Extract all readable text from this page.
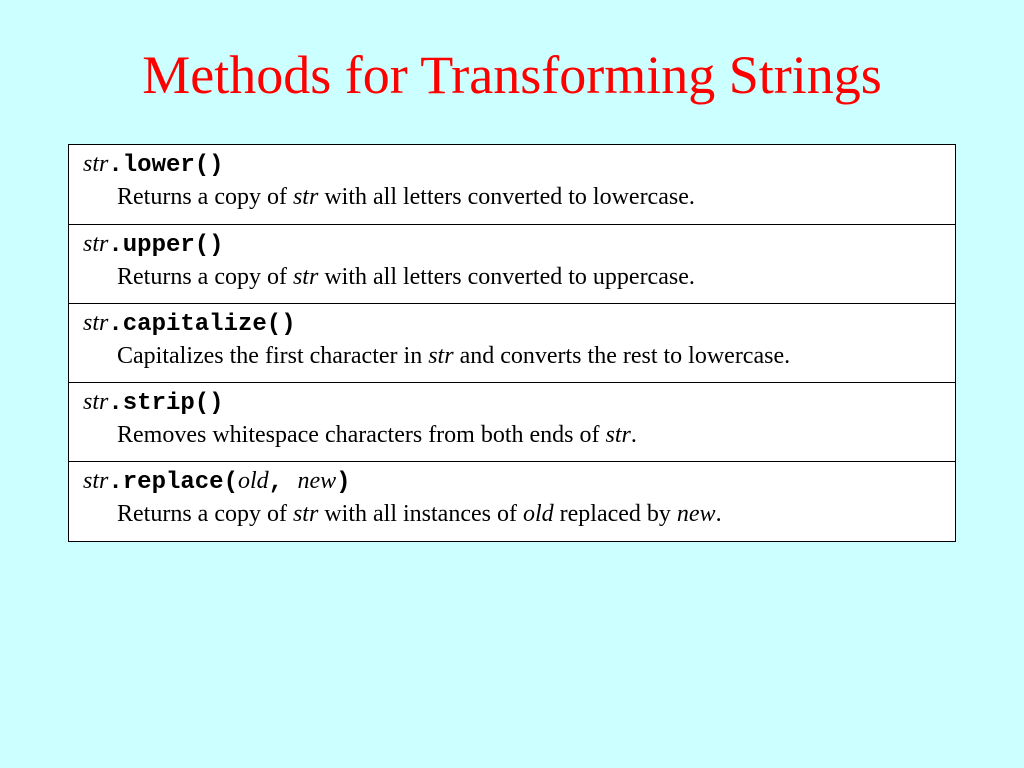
Methods for Transforming Strings
str.lower()
Returns a copy of str with all letters converted to lowercase.
str.upper()
Returns a copy of str with all letters converted to uppercase.
str.capitalize()
Capitalizes the first character in str and converts the rest to lowercase.
str.strip()
Removes whitespace characters from both ends of str.
str.replace(old, new)
Returns a copy of str with all instances of old replaced by new.
